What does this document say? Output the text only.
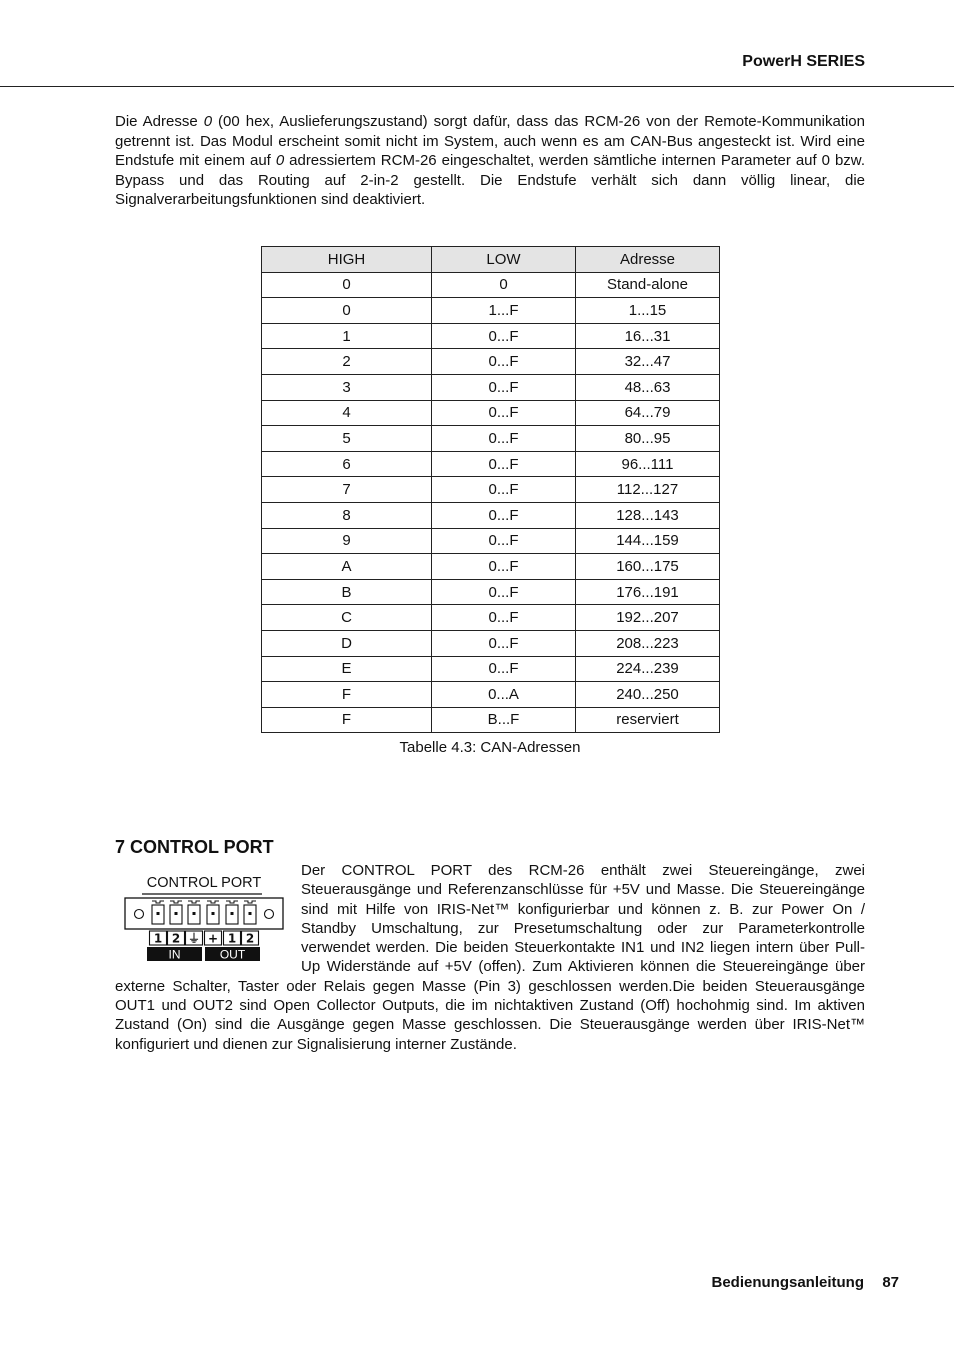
PowerH SERIES

Die Adresse 0 (00 hex, Auslieferungszustand) sorgt dafür, dass das RCM-26 von der Remote-Kommunikation getrennt ist. Das Modul erscheint somit nicht im System, auch wenn es am CAN-Bus angesteckt ist. Wird eine Endstufe mit einem auf 0 adressiertem RCM-26 eingeschaltet, werden sämtliche internen Parameter auf 0 bzw. Bypass und das Routing auf 2-in-2 gestellt. Die Endstufe verhält sich dann völlig linear, die Signalverarbeitungsfunktionen sind deaktiviert.

HIGH	LOW	Adresse
0	0	Stand-alone
0	1...F	1...15
1	0...F	16...31
2	0...F	32...47
3	0...F	48...63
4	0...F	64...79
5	0...F	80...95
6	0...F	96...111
7	0...F	112...127
8	0...F	128...143
9	0...F	144...159
A	0...F	160...175
B	0...F	176...191
C	0...F	192...207
D	0...F	208...223
E	0...F	224...239
F	0...A	240...250
F	B...F	reserviert
Tabelle 4.3: CAN-Adressen
7 CONTROL PORT

Der CONTROL PORT des RCM-26 enthält zwei Steuereingänge, zwei Steuerausgänge und Referenzanschlüsse für +5V und Masse. Die Steuereingänge sind mit Hilfe von IRIS-Net™ konfigurierbar und können z. B. zur Power On / Standby Umschaltung, zur Presetumschaltung oder zur Parameterkontrolle verwendet werden. Die beiden Steuerkontakte IN1 und IN2 liegen intern über Pull-Up Widerstände auf +5V (offen). Zum Aktivieren können die Steuereingänge über externe Schalter, Taster oder Relais gegen Masse (Pin 3) geschlossen werden.Die beiden Steuerausgänge OUT1 und OUT2 sind Open Collector Outputs, die im nichtaktiven Zustand (Off) hochohmig sind. Im aktiven Zustand (On) sind die Ausgänge gegen Masse geschlossen. Die Steuerausgänge werden über IRIS-Net™ konfiguriert und dienen zur Signalisierung interner Zustände.

CONTROL PORT
1 2 ⏚ + 1 2
IN	OUT
Bedienungsanleitung 87
